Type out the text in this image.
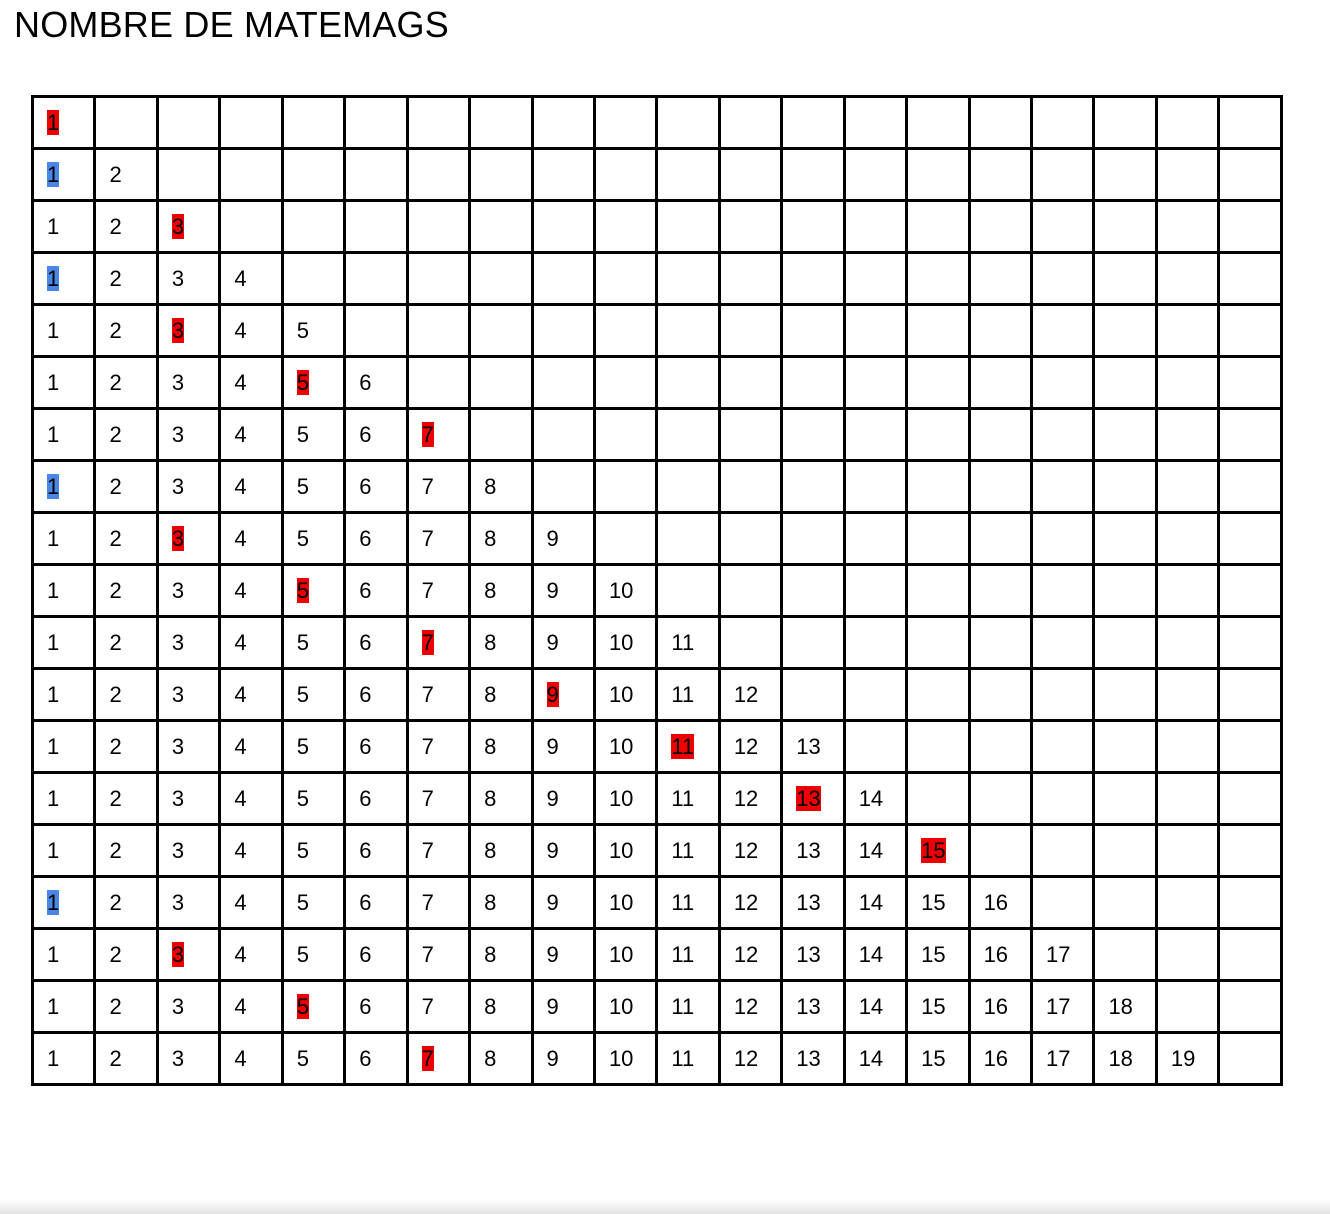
NOMBRE DE MATEMAGS
1																			
1	2																		
1	2	3																	
1	2	3	4																
1	2	3	4	5															
1	2	3	4	5	6														
1	2	3	4	5	6	7													
1	2	3	4	5	6	7	8												
1	2	3	4	5	6	7	8	9											
1	2	3	4	5	6	7	8	9	10										
1	2	3	4	5	6	7	8	9	10	11									
1	2	3	4	5	6	7	8	9	10	11	12								
1	2	3	4	5	6	7	8	9	10	11	12	13							
1	2	3	4	5	6	7	8	9	10	11	12	13	14						
1	2	3	4	5	6	7	8	9	10	11	12	13	14	15					
1	2	3	4	5	6	7	8	9	10	11	12	13	14	15	16				
1	2	3	4	5	6	7	8	9	10	11	12	13	14	15	16	17			
1	2	3	4	5	6	7	8	9	10	11	12	13	14	15	16	17	18		
1	2	3	4	5	6	7	8	9	10	11	12	13	14	15	16	17	18	19	
